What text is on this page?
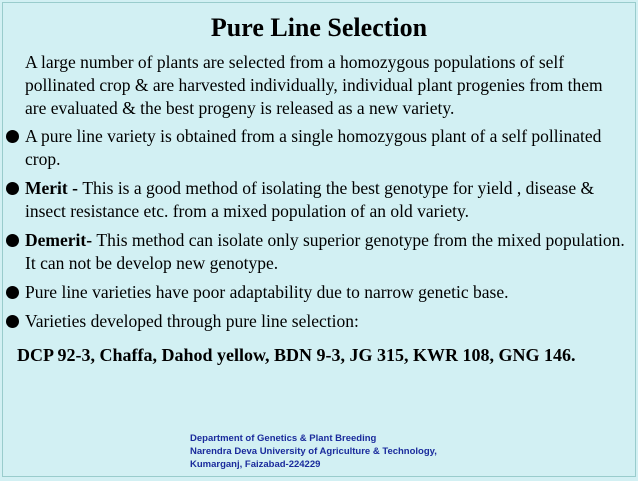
Pure Line Selection
A large number of plants are selected from a homozygous populations of self pollinated crop & are harvested individually, individual plant progenies from them are evaluated & the best progeny is released as a new variety.
A pure line variety is obtained from a single homozygous plant of a self pollinated crop.
Merit - This is a good method of isolating the best genotype for yield , disease & insect resistance etc. from a mixed population of an old variety.
Demerit- This method can isolate only superior genotype from the mixed population. It can not be develop new genotype.
Pure line varieties have poor adaptability due to narrow genetic base.
Varieties developed through pure line selection:
DCP 92-3, Chaffa, Dahod yellow, BDN 9-3, JG 315, KWR 108, GNG 146.
Department of Genetics & Plant Breeding
Narendra Deva University of Agriculture & Technology,
Kumarganj, Faizabad-224229
